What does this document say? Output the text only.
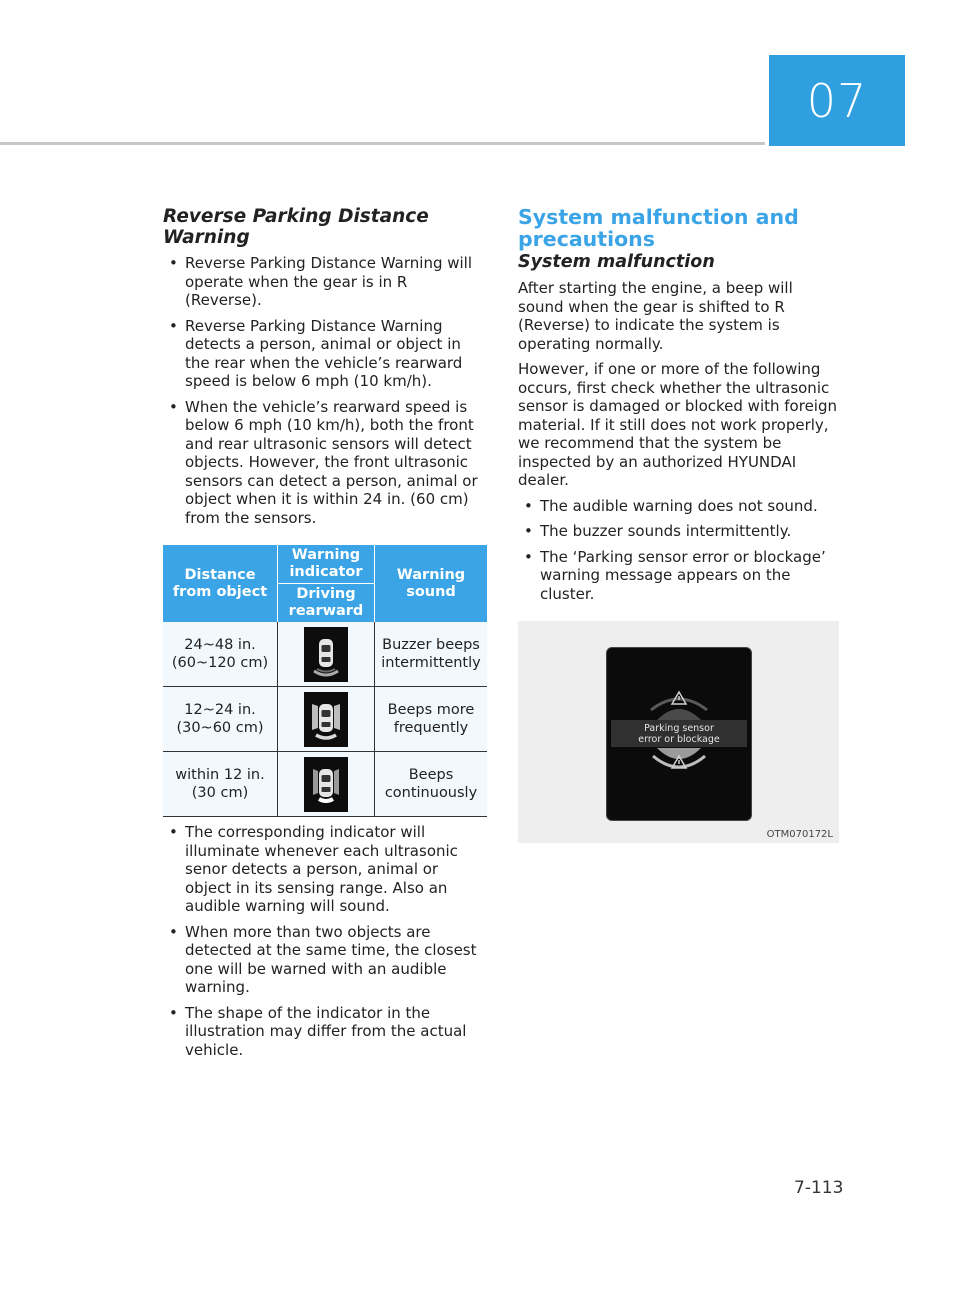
07
Reverse Parking Distance Warning
• Reverse Parking Distance Warning will operate when the gear is in R (Reverse).
• Reverse Parking Distance Warning detects a person, animal or object in the rear when the vehicle’s rearward speed is below 6 mph (10 km/h).
• When the vehicle’s rearward speed is below 6 mph (10 km/h), both the front and rear ultrasonic sensors will detect objects. However, the front ultrasonic sensors can detect a person, animal or object when it is within 24 in. (60 cm) from the sensors.
Distance from object	Warning indicator	Warning sound
	Driving rearward	
24~48 in. (60~120 cm)		Buzzer beeps intermittently
12~24 in. (30~60 cm)		Beeps more frequently
within 12 in. (30 cm)		Beeps continuously
• The corresponding indicator will illuminate whenever each ultrasonic senor detects a person, animal or object in its sensing range. Also an audible warning will sound.
• When more than two objects are detected at the same time, the closest one will be warned with an audible warning.
• The shape of the indicator in the illustration may differ from the actual vehicle.
System malfunction and precautions
System malfunction

After starting the engine, a beep will sound when the gear is shifted to R (Reverse) to indicate the system is operating normally.

However, if one or more of the following occurs, first check whether the ultrasonic sensor is damaged or blocked with foreign material. If it still does not work properly, we recommend that the system be inspected by an authorized HYUNDAI dealer.

• The audible warning does not sound.
• The buzzer sounds intermittently.
• The ‘Parking sensor error or blockage’ warning message appears on the cluster.
Parking sensor
error or blockage
OTM070172L
7-113
